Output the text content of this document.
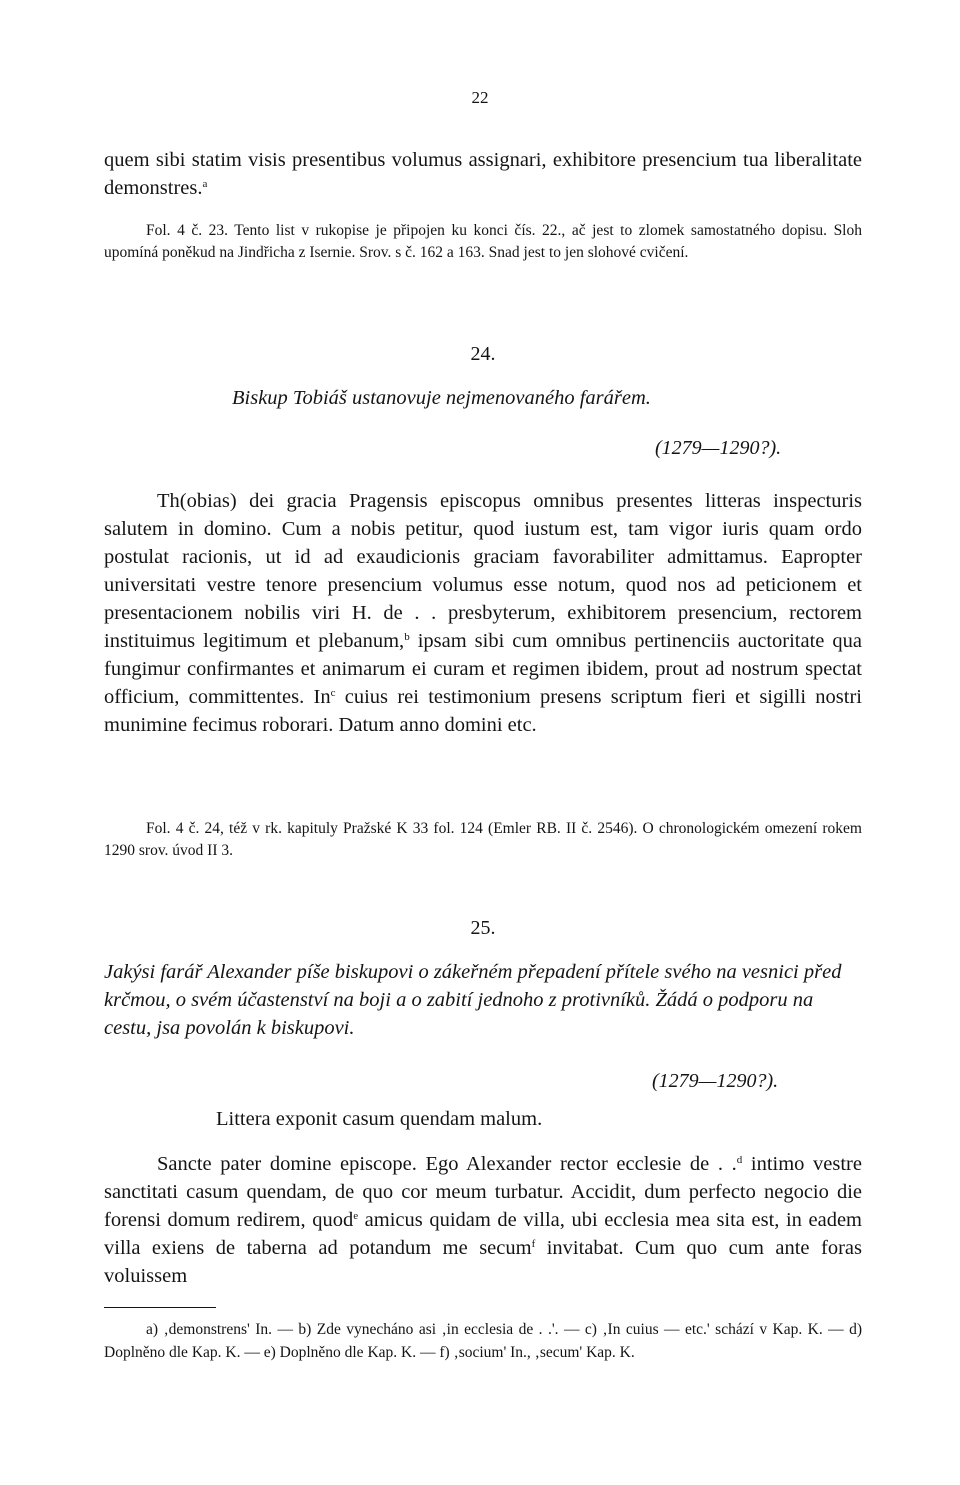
22
quem sibi statim visis presentibus volumus assignari, exhibitore presencium tua liberalitate demonstres.$^a$
Fol. 4 č. 23. Tento list v rukopise je připojen ku konci čís. 22., ač jest to zlomek samostatného dopisu. Sloh upomíná poněkud na Jindřicha z Isernie. Srov. s č. 162 a 163. Snad jest to jen slohové cvičení.
24.
Biskup Tobiáš ustanovuje nejmenovaného farářem.
(1279—1290?).
Th(obias) dei gracia Pragensis episcopus omnibus presentes litteras inspecturis salutem in domino. Cum a nobis petitur, quod iustum est, tam vigor iuris quam ordo postulat racionis, ut id ad exaudicionis graciam favorabiliter admittamus. Eapropter universitati vestre tenore presencium volumus esse notum, quod nos ad peticionem et presentacionem nobilis viri H. de . . presbyterum, exhibitorem presencium, rectorem instituimus legitimum et plebanum,$^b$ ipsam sibi cum omnibus pertinenciis auctoritate qua fungimur confirmantes et animarum ei curam et regimen ibidem, prout ad nostrum spectat officium, committentes. In$^c$ cuius rei testimonium presens scriptum fieri et sigilli nostri munimine fecimus roborari. Datum anno domini etc.
Fol. 4 č. 24, též v rk. kapituly Pražské K 33 fol. 124 (Emler RB. II č. 2546). O chronologickém omezení rokem 1290 srov. úvod II 3.
25.
Jakýsi farář Alexander píše biskupovi o zákeřném přepadení přítele svého na vesnici před krčmou, o svém účastenství na boji a o zabití jednoho z protivníků. Žádá o podporu na cestu, jsa povolán k biskupovi.
(1279—1290?).
Littera exponit casum quendam malum.
Sancte pater domine episcope. Ego Alexander rector ecclesie de . .$^d$ intimo vestre sanctitati casum quendam, de quo cor meum turbatur. Accidit, dum perfecto negocio die forensi domum redirem, quod$^e$ amicus quidam de villa, ubi ecclesia mea sita est, in eadem villa exiens de taberna ad potandum me secum$^f$ invitabat. Cum quo cum ante foras voluissem
a) ‚demonstrens' In. — b) Zde vynecháno asi ‚in ecclesia de . .'. — c) ‚In cuius — etc.' schází v Kap. K. — d) Doplněno dle Kap. K. — e) Doplněno dle Kap. K. — f) ‚socium' In., ‚secum' Kap. K.
